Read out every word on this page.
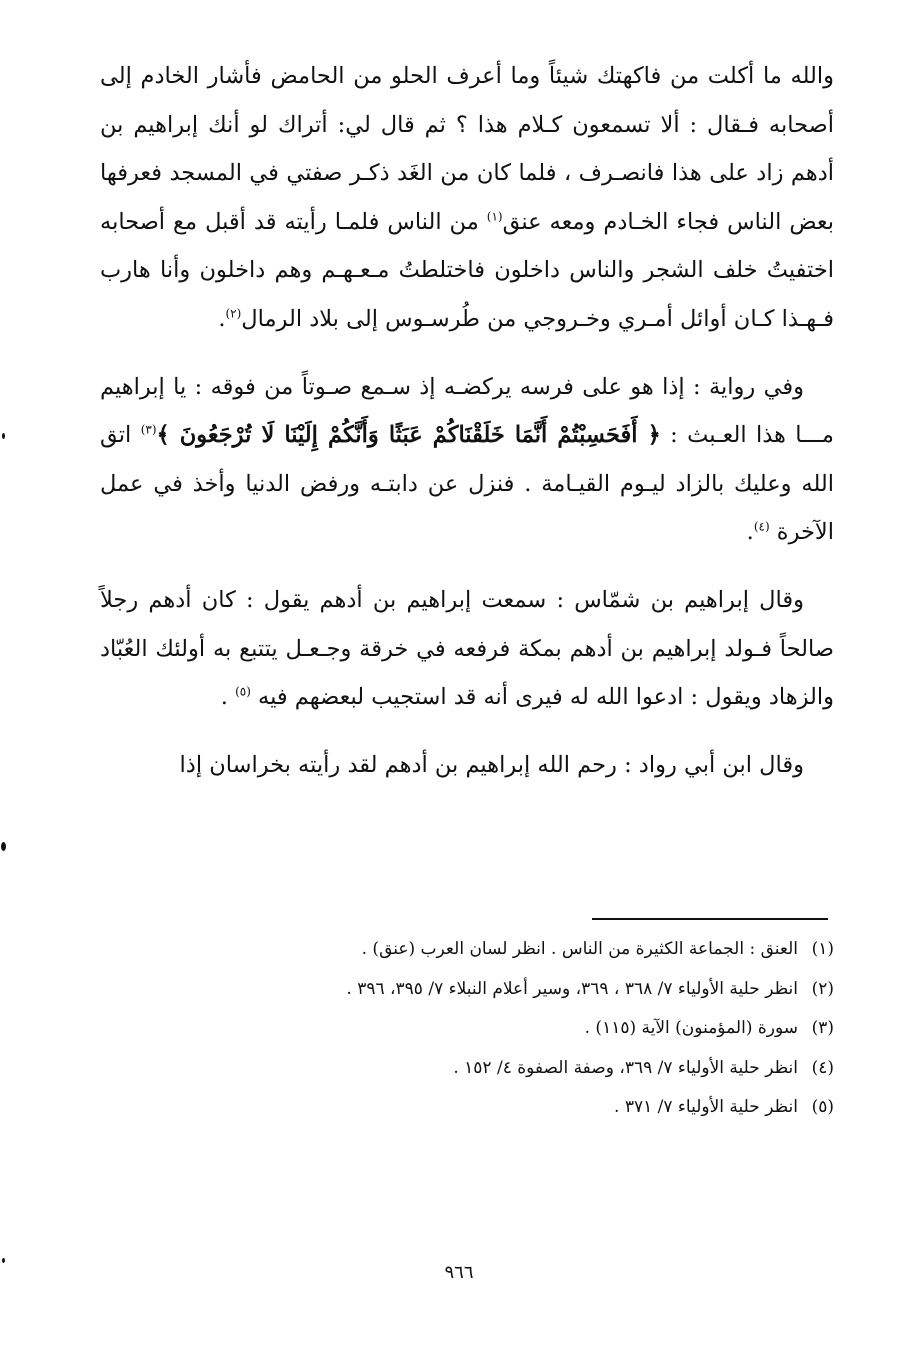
والله ما أكلت من فاكهتك شيئاً وما أعرف الحلو من الحامض فأشار الخادم إلى أصحابه فـقال : ألا تسمعون كـلام هذا ؟ ثم قال لي: أتراك لو أنك إبراهيم بن أدهم زاد على هذا فانصـرف ، فلما كان من الغَد ذكـر صفتي في المسجد فعرفها بعض الناس فجاء الخـادم ومعه عنق$^{(١)}$ من الناس فلمـا رأيته قد أقبل مع أصحابه اختفيتُ خلف الشجر والناس داخلون فاختلطتُ مـعـهـم وهم داخلون وأنا هارب فـهـذا كـان أوائل أمـري وخـروجي من طُرسـوس إلى بلاد الرمال$^{(٢)}$.

وفي رواية : إذا هو على فرسه يركضـه إذ سـمع صـوتاً من فوقه : يا إبراهيم مـــا هذا العـبث : ﴿ أَفَحَسِبْتُمْ أَنَّمَا خَلَقْنَاكُمْ عَبَثًا وَأَنَّكُمْ إِلَيْنَا لَا تُرْجَعُونَ ﴾$^{(٣)}$ اتق الله وعليك بالزاد ليـوم القيـامة . فنزل عن دابتـه ورفض الدنيا وأخذ في عمل الآخرة $^{(٤)}$.

وقال إبراهيم بن شمّاس : سمعت إبراهيم بن أدهم يقول : كان أدهم رجلاً صالحاً فـولد إبراهيم بن أدهم بمكة فرفعه في خرقة وجـعـل يتتبع به أولئك العُبّاد والزهاد ويقول : ادعوا الله له فيرى أنه قد استجيب لبعضهم فيه $^{(٥)}$ .

وقال ابن أبي رواد : رحم الله إبراهيم بن أدهم لقد رأيته بخراسان إذا

(١)العنق : الجماعة الكثيرة من الناس . انظر لسان العرب (عنق) .
(٢)انظر حلية الأولياء ٧/ ٣٦٨ ، ٣٦٩، وسير أعلام النبلاء ٧/ ٣٩٥، ٣٩٦ .
(٣)سورة (المؤمنون) الآية (١١٥) .
(٤)انظر حلية الأولياء ٧/ ٣٦٩، وصفة الصفوة ٤/ ١٥٢ .
(٥)انظر حلية الأولياء ٧/ ٣٧١ .
٩٦٦
